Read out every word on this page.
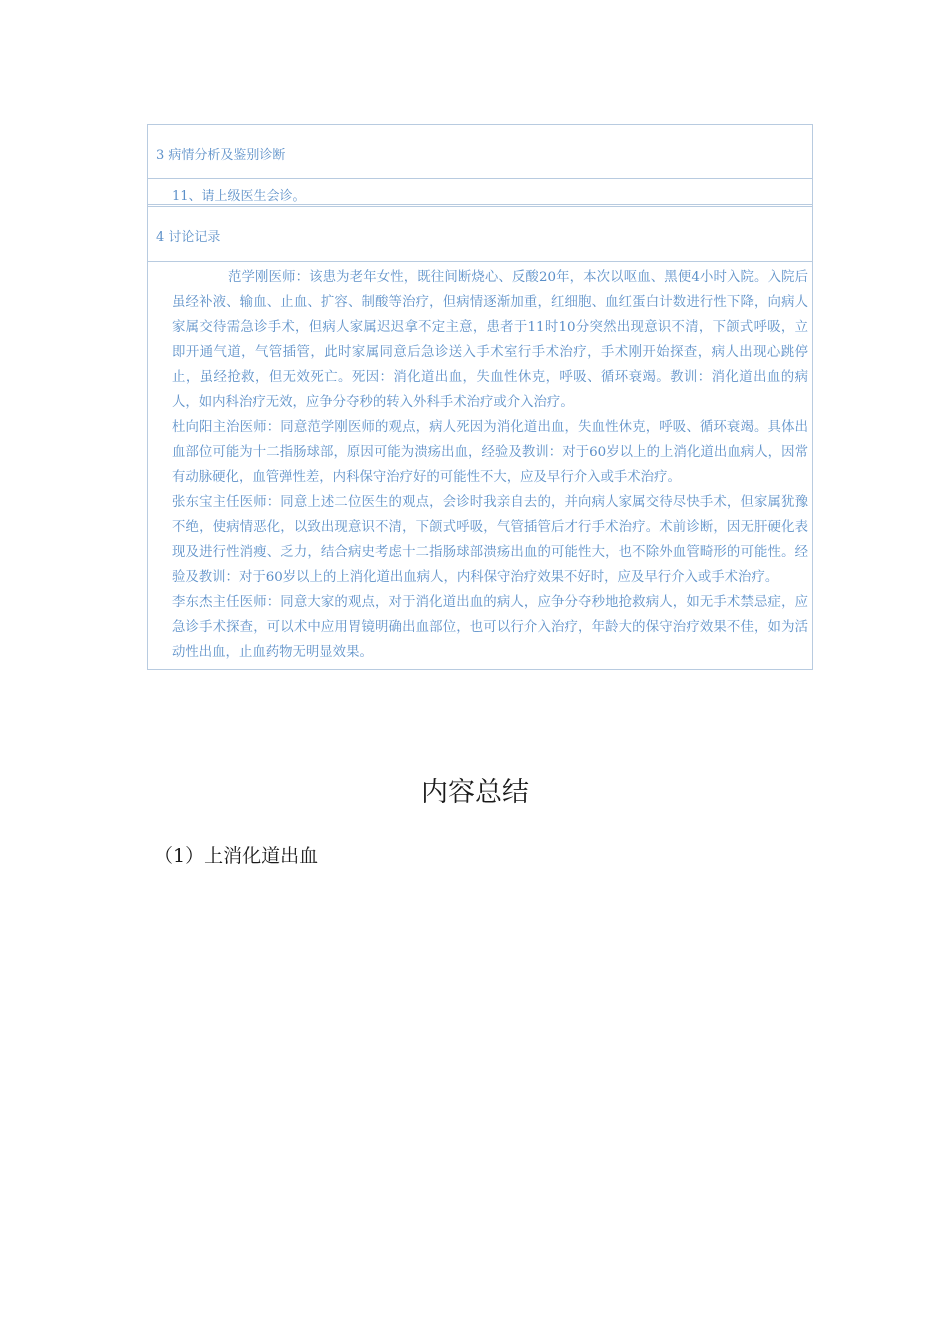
3 病情分析及鉴别诊断
11、请上级医生会诊。
4 讨论记录

范学刚医师：该患为老年女性，既往间断烧心、反酸20年，本次以呕血、黑便4小时入院。入院后虽经补液、输血、止血、扩容、制酸等治疗，但病情逐渐加重，红细胞、血红蛋白计数进行性下降，向病人家属交待需急诊手术，但病人家属迟迟拿不定主意，患者于11时10分突然出现意识不清，下颌式呼吸，立即开通气道，气管插管，此时家属同意后急诊送入手术室行手术治疗，手术刚开始探查，病人出现心跳停止，虽经抢救，但无效死亡。死因：消化道出血，失血性休克，呼吸、循环衰竭。教训：消化道出血的病人，如内科治疗无效，应争分夺秒的转入外科手术治疗或介入治疗。

杜向阳主治医师：同意范学刚医师的观点，病人死因为消化道出血，失血性休克，呼吸、循环衰竭。具体出血部位可能为十二指肠球部，原因可能为溃疡出血，经验及教训：对于60岁以上的上消化道出血病人，因常有动脉硬化，血管弹性差，内科保守治疗好的可能性不大，应及早行介入或手术治疗。

张东宝主任医师：同意上述二位医生的观点，会诊时我亲自去的，并向病人家属交待尽快手术，但家属犹豫不绝，使病情恶化，以致出现意识不清，下颌式呼吸，气管插管后才行手术治疗。术前诊断，因无肝硬化表现及进行性消瘦、乏力，结合病史考虑十二指肠球部溃疡出血的可能性大，也不除外血管畸形的可能性。经验及教训：对于60岁以上的上消化道出血病人，内科保守治疗效果不好时，应及早行介入或手术治疗。

李东杰主任医师：同意大家的观点，对于消化道出血的病人，应争分夺秒地抢救病人，如无手术禁忌症，应急诊手术探查，可以术中应用胃镜明确出血部位，也可以行介入治疗，年龄大的保守治疗效果不佳，如为活动性出血，止血药物无明显效果。

内容总结
（1）上消化道出血
